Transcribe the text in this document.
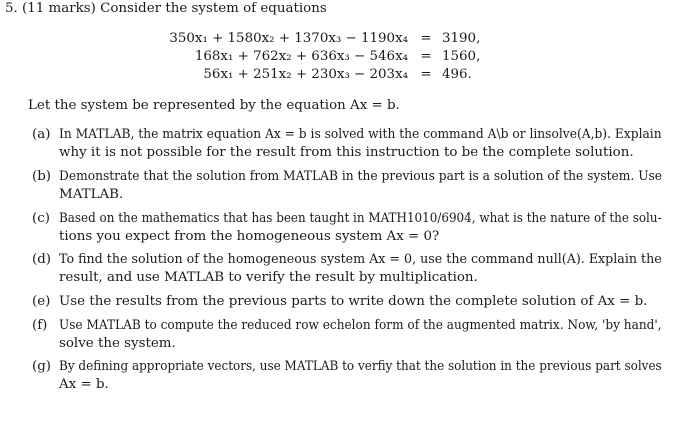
5. (11 marks) Consider the system of equations
350x₁ + 1580x₂ + 1370x₃ − 1190x₄ = 3190,
168x₁ + 762x₂ + 636x₃ − 546x₄ = 1560,
56x₁ + 251x₂ + 230x₃ − 203x₄ = 496.
Let the system be represented by the equation Ax = b.
(a) In MATLAB, the matrix equation Ax = b is solved with the command A\b or linsolve(A,b). Explain
why it is not possible for the result from this instruction to be the complete solution.
(b) Demonstrate that the solution from MATLAB in the previous part is a solution of the system. Use
MATLAB.
(c) Based on the mathematics that has been taught in MATH1010/6904, what is the nature of the solu-
tions you expect from the homogeneous system Ax = 0?
(d) To find the solution of the homogeneous system Ax = 0, use the command null(A). Explain the
result, and use MATLAB to verify the result by multiplication.
(e) Use the results from the previous parts to write down the complete solution of Ax = b.
(f) Use MATLAB to compute the reduced row echelon form of the augmented matrix. Now, 'by hand',
solve the system.
(g) By defining appropriate vectors, use MATLAB to verfiy that the solution in the previous part solves
Ax = b.
